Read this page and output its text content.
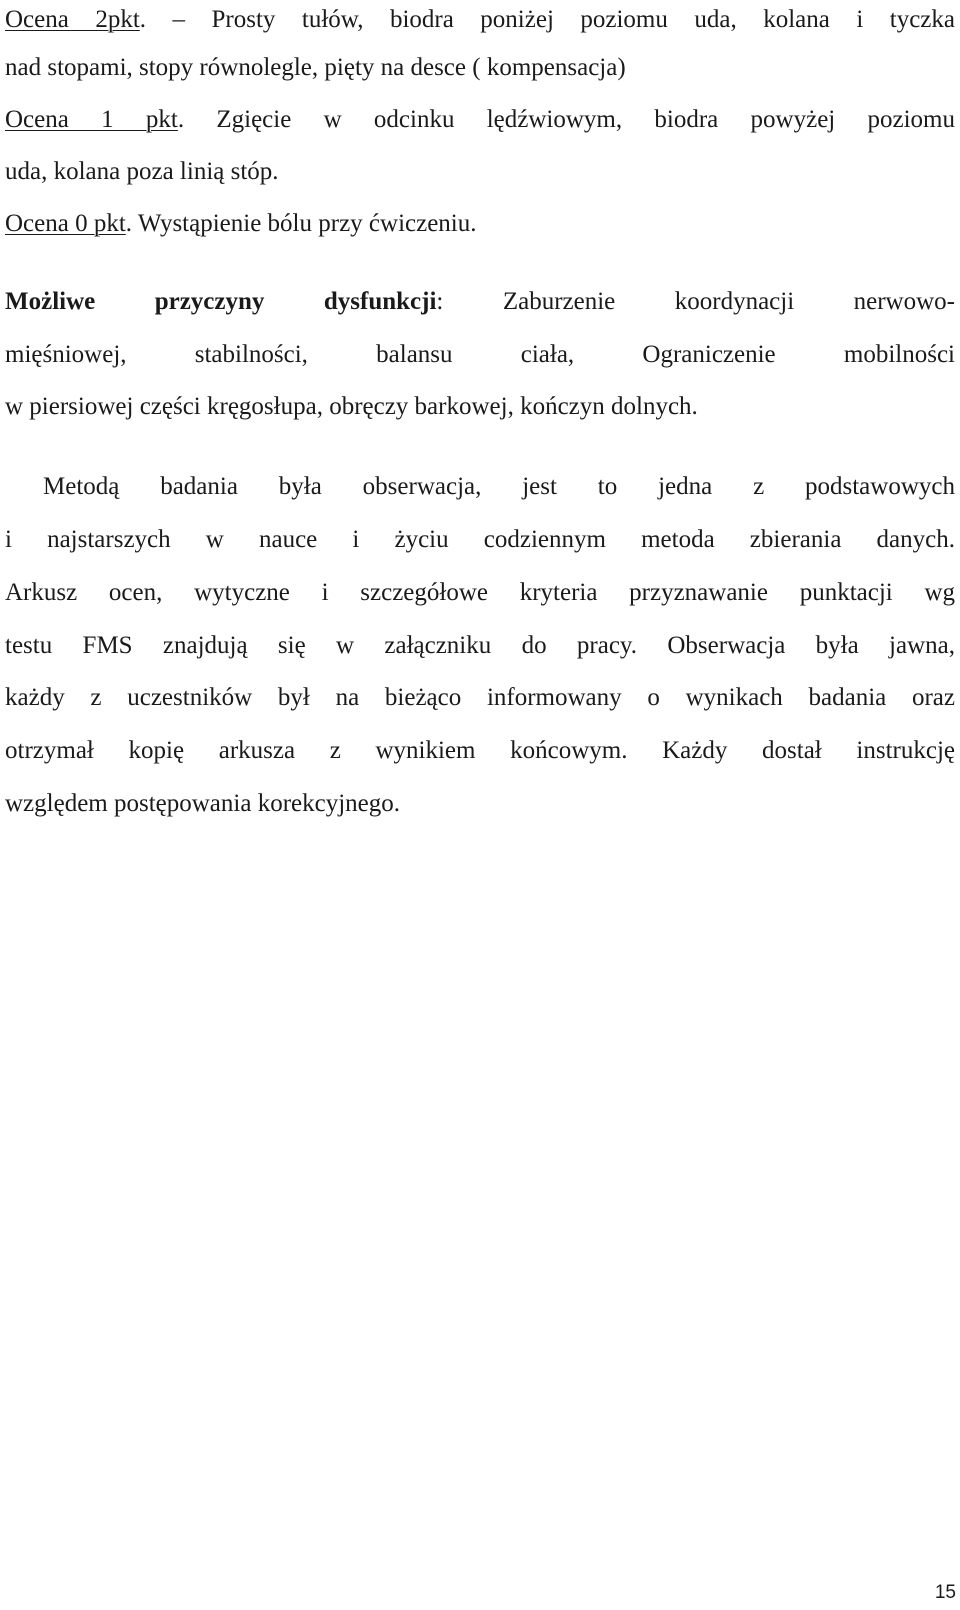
Ocena 2pkt. – Prosty tułów, biodra poniżej poziomu uda, kolana i tyczka
nad stopami, stopy równolegle, pięty na desce ( kompensacja)
Ocena 1 pkt. Zgięcie w odcinku lędźwiowym, biodra powyżej poziomu
uda, kolana poza linią stóp.
Ocena 0 pkt. Wystąpienie bólu przy ćwiczeniu.
Możliwe przyczyny dysfunkcji: Zaburzenie koordynacji nerwowo-
mięśniowej, stabilności, balansu ciała, Ograniczenie mobilności
w piersiowej części kręgosłupa, obręczy barkowej, kończyn dolnych.
Metodą badania była obserwacja, jest to jedna z podstawowych
i najstarszych w nauce i życiu codziennym metoda zbierania danych.
Arkusz ocen, wytyczne i szczegółowe kryteria przyznawanie punktacji wg
testu FMS znajdują się w załączniku do pracy. Obserwacja była jawna,
każdy z uczestników był na bieżąco informowany o wynikach badania oraz
otrzymał kopię arkusza z wynikiem końcowym. Każdy dostał instrukcję
względem postępowania korekcyjnego.
15
